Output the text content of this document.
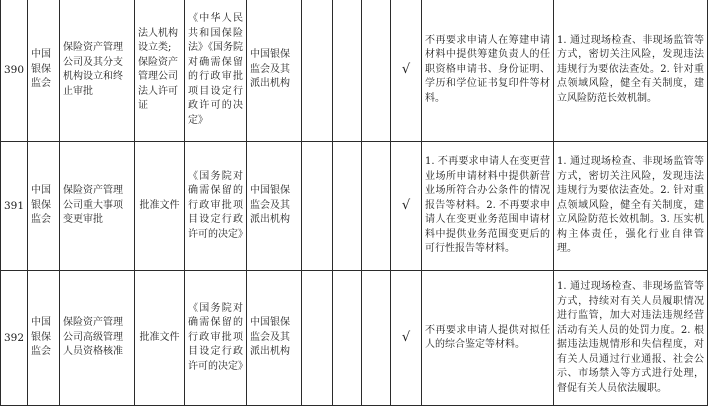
390	中国银保监会	保险资产管理公司及其分支机构设立和终止审批	法人机构设立类;保险资产管理公司法人许可证	《中华人民共和国保险法》《国务院对确需保留的行政审批项目设定行政许可的决定》	中国银保监会及其派出机构				√	不再要求申请人在筹建申请材料中提供筹建负责人的任职资格申请书、身份证明、学历和学位证书复印件等材料。	1. 通过现场检查、非现场监管等方式，密切关注风险，发现违法违规行为要依法查处。2. 针对重点领域风险，健全有关制度，建立风险防范长效机制。
391	中国银保监会	保险资产管理公司重大事项变更审批	批准文件	《国务院对确需保留的行政审批项目设定行政许可的决定》	中国银保监会及其派出机构				√	1. 不再要求申请人在变更营业场所申请材料中提供新营业场所符合办公条件的情况报告等材料。2. 不再要求申请人在变更业务范围申请材料中提供业务范围变更后的可行性报告等材料。	1. 通过现场检查、非现场监管等方式，密切关注风险，发现违法违规行为要依法查处。2. 针对重点领域风险，健全有关制度，建立风险防范长效机制。3. 压实机构主体责任，强化行业自律管理。
392	中国银保监会	保险资产管理公司高级管理人员资格核准	批准文件	《国务院对确需保留的行政审批项目设定行政许可的决定》	中国银保监会及其派出机构				√	不再要求申请人提供对拟任人的综合鉴定等材料。	1. 通过现场检查、非现场监管等方式，持续对有关人员履职情况进行监管，加大对违法违规经营活动有关人员的处罚力度。2. 根据违法违规情形和失信程度，对有关人员通过行业通报、社会公示、市场禁入等方式进行处理，督促有关人员依法履职。
